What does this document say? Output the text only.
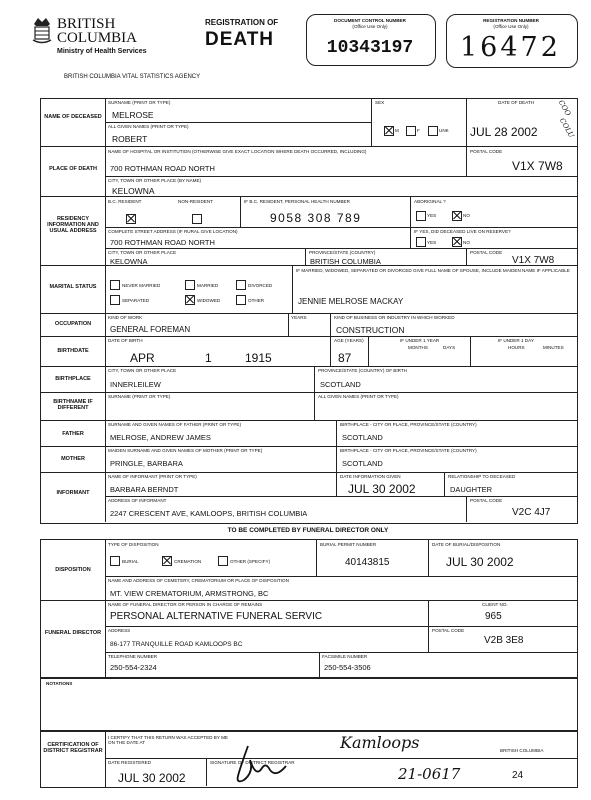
BRITISH
COLUMBIA
Ministry of Health Services
REGISTRATION OF
DEATH
DOCUMENT CONTROL NUMBER
(Office Use Only)
10343197
REGISTRATION NUMBER
(Office Use Only)
16472
BRITISH COLUMBIA VITAL STATISTICS AGENCY
COO
COLU
NAME OF DECEASED
SURNAME (PRINT OR TYPE)
MELROSE
ALL GIVEN NAMES (PRINT OR TYPE)
ROBERT
SEX
M	F	UNK
DATE OF DEATH
JUL 28 2002
PLACE OF DEATH
NAME OF HOSPITAL OR INSTITUTION (OTHERWISE GIVE EXACT LOCATION WHERE DEATH OCCURRED, INCLUDING)
700 ROTHMAN ROAD NORTH
POSTAL CODE
V1X 7W8
CITY, TOWN OR OTHER PLACE (BY NAME)
KELOWNA
RESIDENCY INFORMATION AND USUAL ADDRESS
B.C. RESIDENT	NON-RESIDENT	IF B.C. RESIDENT, PERSONAL HEALTH NUMBER
9058 308 789
ABORIGINAL ?
YES	NO
COMPLETE STREET ADDRESS (IF RURAL GIVE LOCATION)
700 ROTHMAN ROAD NORTH
IF YES, DID DECEASED LIVE ON RESERVE?
YES	NO
CITY, TOWN OR OTHER PLACE
KELOWNA
PROVINCE/STATE (COUNTRY)
BRITISH COLUMBIA
POSTAL CODE
V1X 7W8
MARITAL STATUS	NEVER MARRIED	MARRIED	DIVORCED
SEPARATED	WIDOWED	OTHER
IF MARRIED, WIDOWED, SEPARATED OR DIVORCED GIVE FULL NAME OF SPOUSE, INCLUDE MAIDEN NAME IF APPLICABLE
JENNIE MELROSE MACKAY
OCCUPATION
KIND OF WORK
GENERAL FOREMAN
YEARS	KIND OF BUSINESS OR INDUSTRY IN WHICH WORKED
CONSTRUCTION
BIRTHDATE
DATE OF BIRTH
APR	1	1915
AGE (YEARS)
87
IF UNDER 1 YEAR
MONTHS	DAYS
IF UNDER 1 DAY
HOURS	MINUTES
BIRTHPLACE
CITY, TOWN OR OTHER PLACE
INNERLEILEW
PROVINCE/STATE (COUNTRY) OF BIRTH
SCOTLAND
BIRTHNAME IF DIFFERENT
SURNAME (PRINT OR TYPE)	ALL GIVEN NAMES (PRINT OR TYPE)
FATHER
SURNAME AND GIVEN NAMES OF FATHER (PRINT OR TYPE)
MELROSE, ANDREW JAMES
BIRTHPLACE - CITY OR PLACE, PROVINCE/STATE (COUNTRY)
SCOTLAND
MOTHER
MAIDEN SURNAME AND GIVEN NAMES OF MOTHER (PRINT OR TYPE)
PRINGLE, BARBARA
BIRTHPLACE - CITY OR PLACE, PROVINCE/STATE (COUNTRY)
SCOTLAND
INFORMANT
NAME OF INFORMANT (PRINT OR TYPE)
BARBARA BERNDT
DATE INFORMATION GIVEN
JUL 30 2002
RELATIONSHIP TO DECEASED
DAUGHTER
ADDRESS OF INFORMANT
2247 CRESCENT AVE, KAMLOOPS, BRITISH COLUMBIA
POSTAL CODE
V2C 4J7
TO BE COMPLETED BY FUNERAL DIRECTOR ONLY
DISPOSITION
TYPE OF DISPOSITION
BURIAL	CREMATION	OTHER (SPECIFY)
BURIAL PERMIT NUMBER
40143815
DATE OF BURIAL/DISPOSITION
JUL 30 2002
NAME AND ADDRESS OF CEMETERY, CREMATORIUM OR PLACE OF DISPOSITION
MT. VIEW CREMATORIUM, ARMSTRONG, BC
FUNERAL DIRECTOR
NAME OF FUNERAL DIRECTOR OR PERSON IN CHARGE OF REMAINS
PERSONAL ALTERNATIVE FUNERAL SERVIC
CLIENT NO.
965
ADDRESS
86-177 TRANQUILLE ROAD KAMLOOPS BC
POSTAL CODE
V2B 3E8
TELEPHONE NUMBER
250-554-2324
FACSIMILE NUMBER
250-554-3506
NOTATIONS
CERTIFICATION OF DISTRICT REGISTRAR
I CERTIFY THAT THIS RETURN WAS ACCEPTED BY ME ON THE DATE AT	Kamloops	BRITISH COLUMBIA
DATE REGISTERED
JUL 30 2002
SIGNATURE OF DISTRICT REGISTRAR
21-0617	24
